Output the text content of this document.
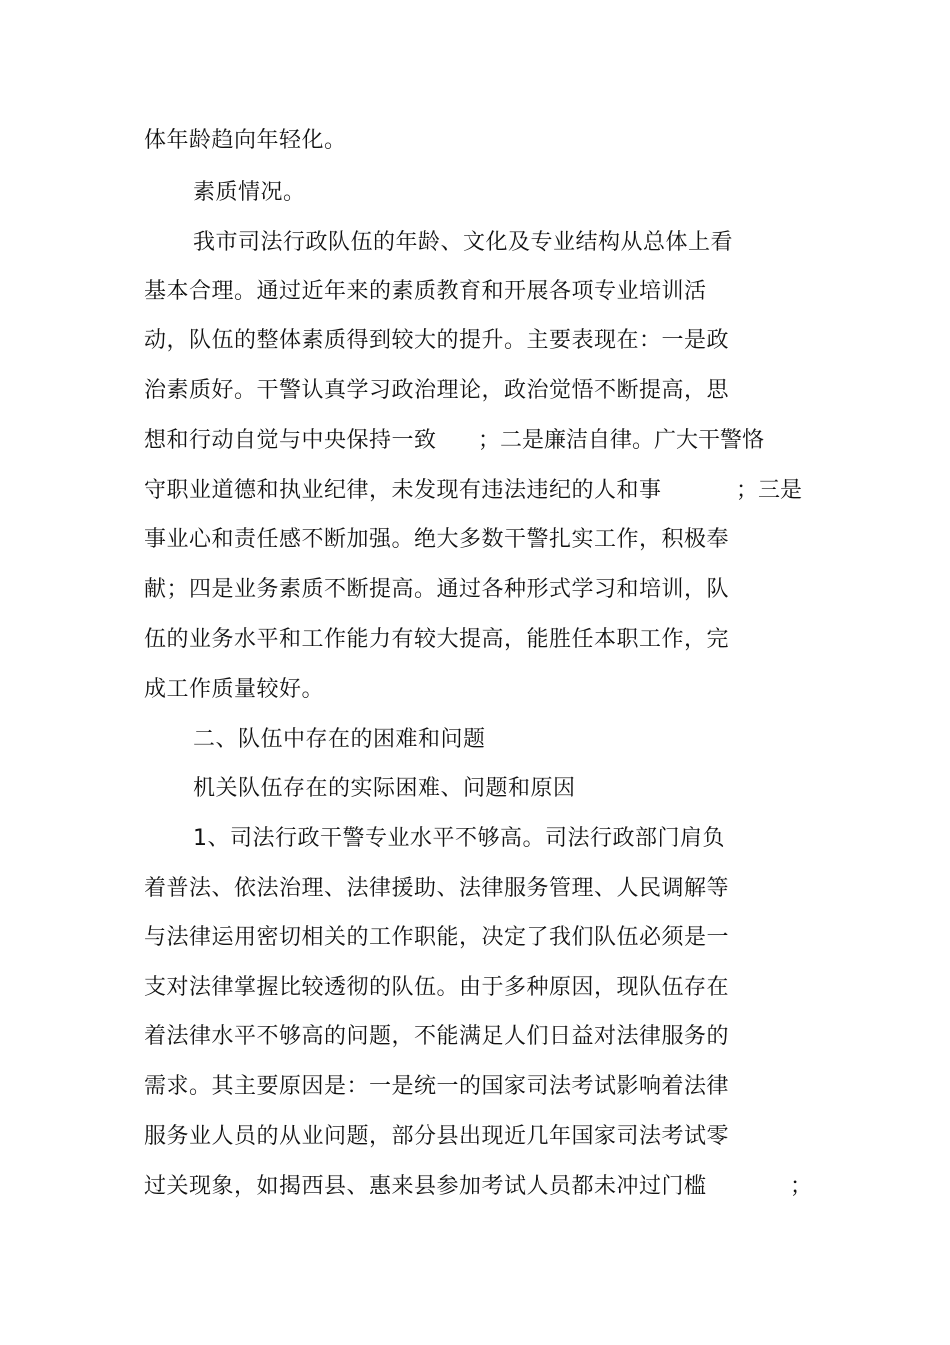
体年龄趋向年轻化。
素质情况。
我市司法行政队伍的年龄、文化及专业结构从总体上看
基本合理。通过近年来的素质教育和开展各项专业培训活
动，队伍的整体素质得到较大的提升。主要表现在：一是政
治素质好。干警认真学习政治理论，政治觉悟不断提高，思
想和行动自觉与中央保持一致 ；二是廉洁自律。广大干警恪
守职业道德和执业纪律，未发现有违法违纪的人和事	；三是
事业心和责任感不断加强。绝大多数干警扎实工作，积极奉
献；四是业务素质不断提高。通过各种形式学习和培训，队
伍的业务水平和工作能力有较大提高，能胜任本职工作，完
成工作质量较好。
二、队伍中存在的困难和问题
机关队伍存在的实际困难、问题和原因
1、司法行政干警专业水平不够高。司法行政部门肩负
着普法、依法治理、法律援助、法律服务管理、人民调解等
与法律运用密切相关的工作职能，决定了我们队伍必须是一
支对法律掌握比较透彻的队伍。由于多种原因，现队伍存在
着法律水平不够高的问题，不能满足人们日益对法律服务的
需求。其主要原因是：一是统一的国家司法考试影响着法律
服务业人员的从业问题，部分县出现近几年国家司法考试零
过关现象，如揭西县、惠来县参加考试人员都未冲过门槛	；
